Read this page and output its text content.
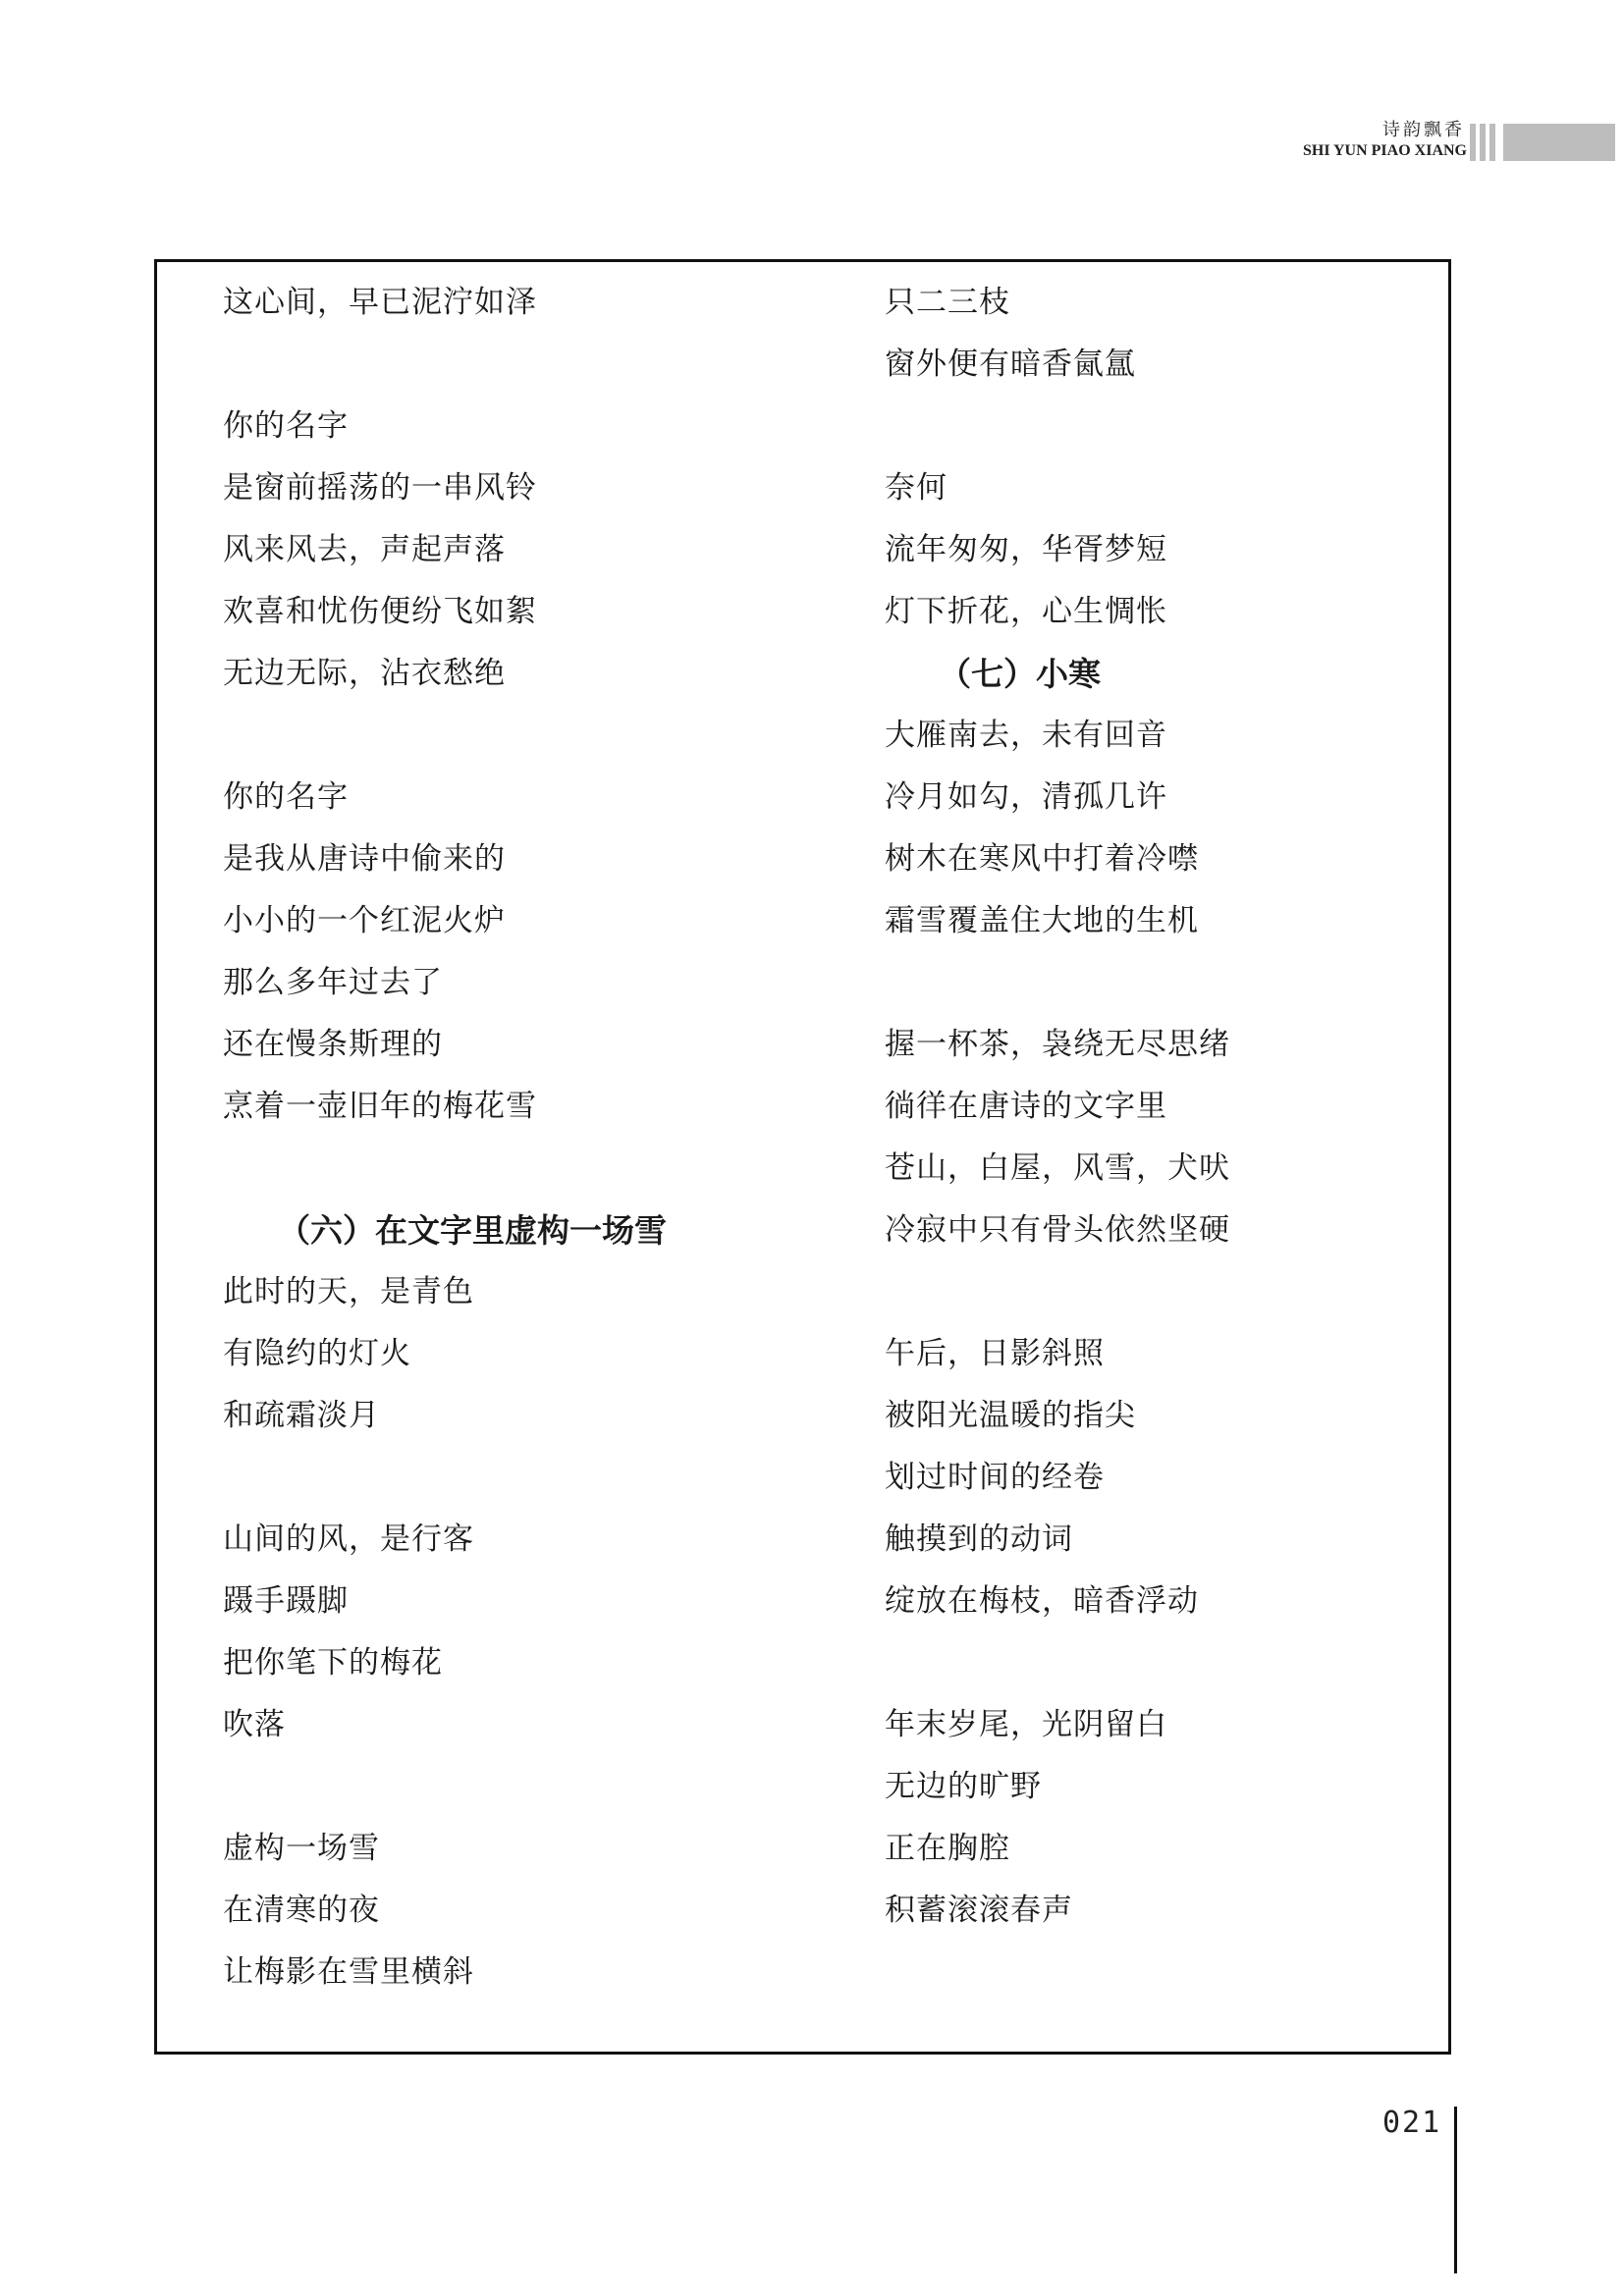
诗韵飘香
SHI YUN PIAO XIANG
这心间，早已泥泞如泽
你的名字
是窗前摇荡的一串风铃
风来风去，声起声落
欢喜和忧伤便纷飞如絮
无边无际，沾衣愁绝
你的名字
是我从唐诗中偷来的
小小的一个红泥火炉
那么多年过去了
还在慢条斯理的
烹着一壶旧年的梅花雪
（六）在文字里虚构一场雪
此时的天，是青色
有隐约的灯火
和疏霜淡月
山间的风，是行客
蹑手蹑脚
把你笔下的梅花
吹落
虚构一场雪
在清寒的夜
让梅影在雪里横斜
只二三枝
窗外便有暗香氤氲
奈何
流年匆匆，华胥梦短
灯下折花，心生惆怅
（七）小寒
大雁南去，未有回音
冷月如勾，清孤几许
树木在寒风中打着冷噤
霜雪覆盖住大地的生机
握一杯茶，袅绕无尽思绪
徜徉在唐诗的文字里
苍山，白屋，风雪，犬吠
冷寂中只有骨头依然坚硬
午后，日影斜照
被阳光温暖的指尖
划过时间的经卷
触摸到的动词
绽放在梅枝，暗香浮动
年末岁尾，光阴留白
无边的旷野
正在胸腔
积蓄滚滚春声
021
